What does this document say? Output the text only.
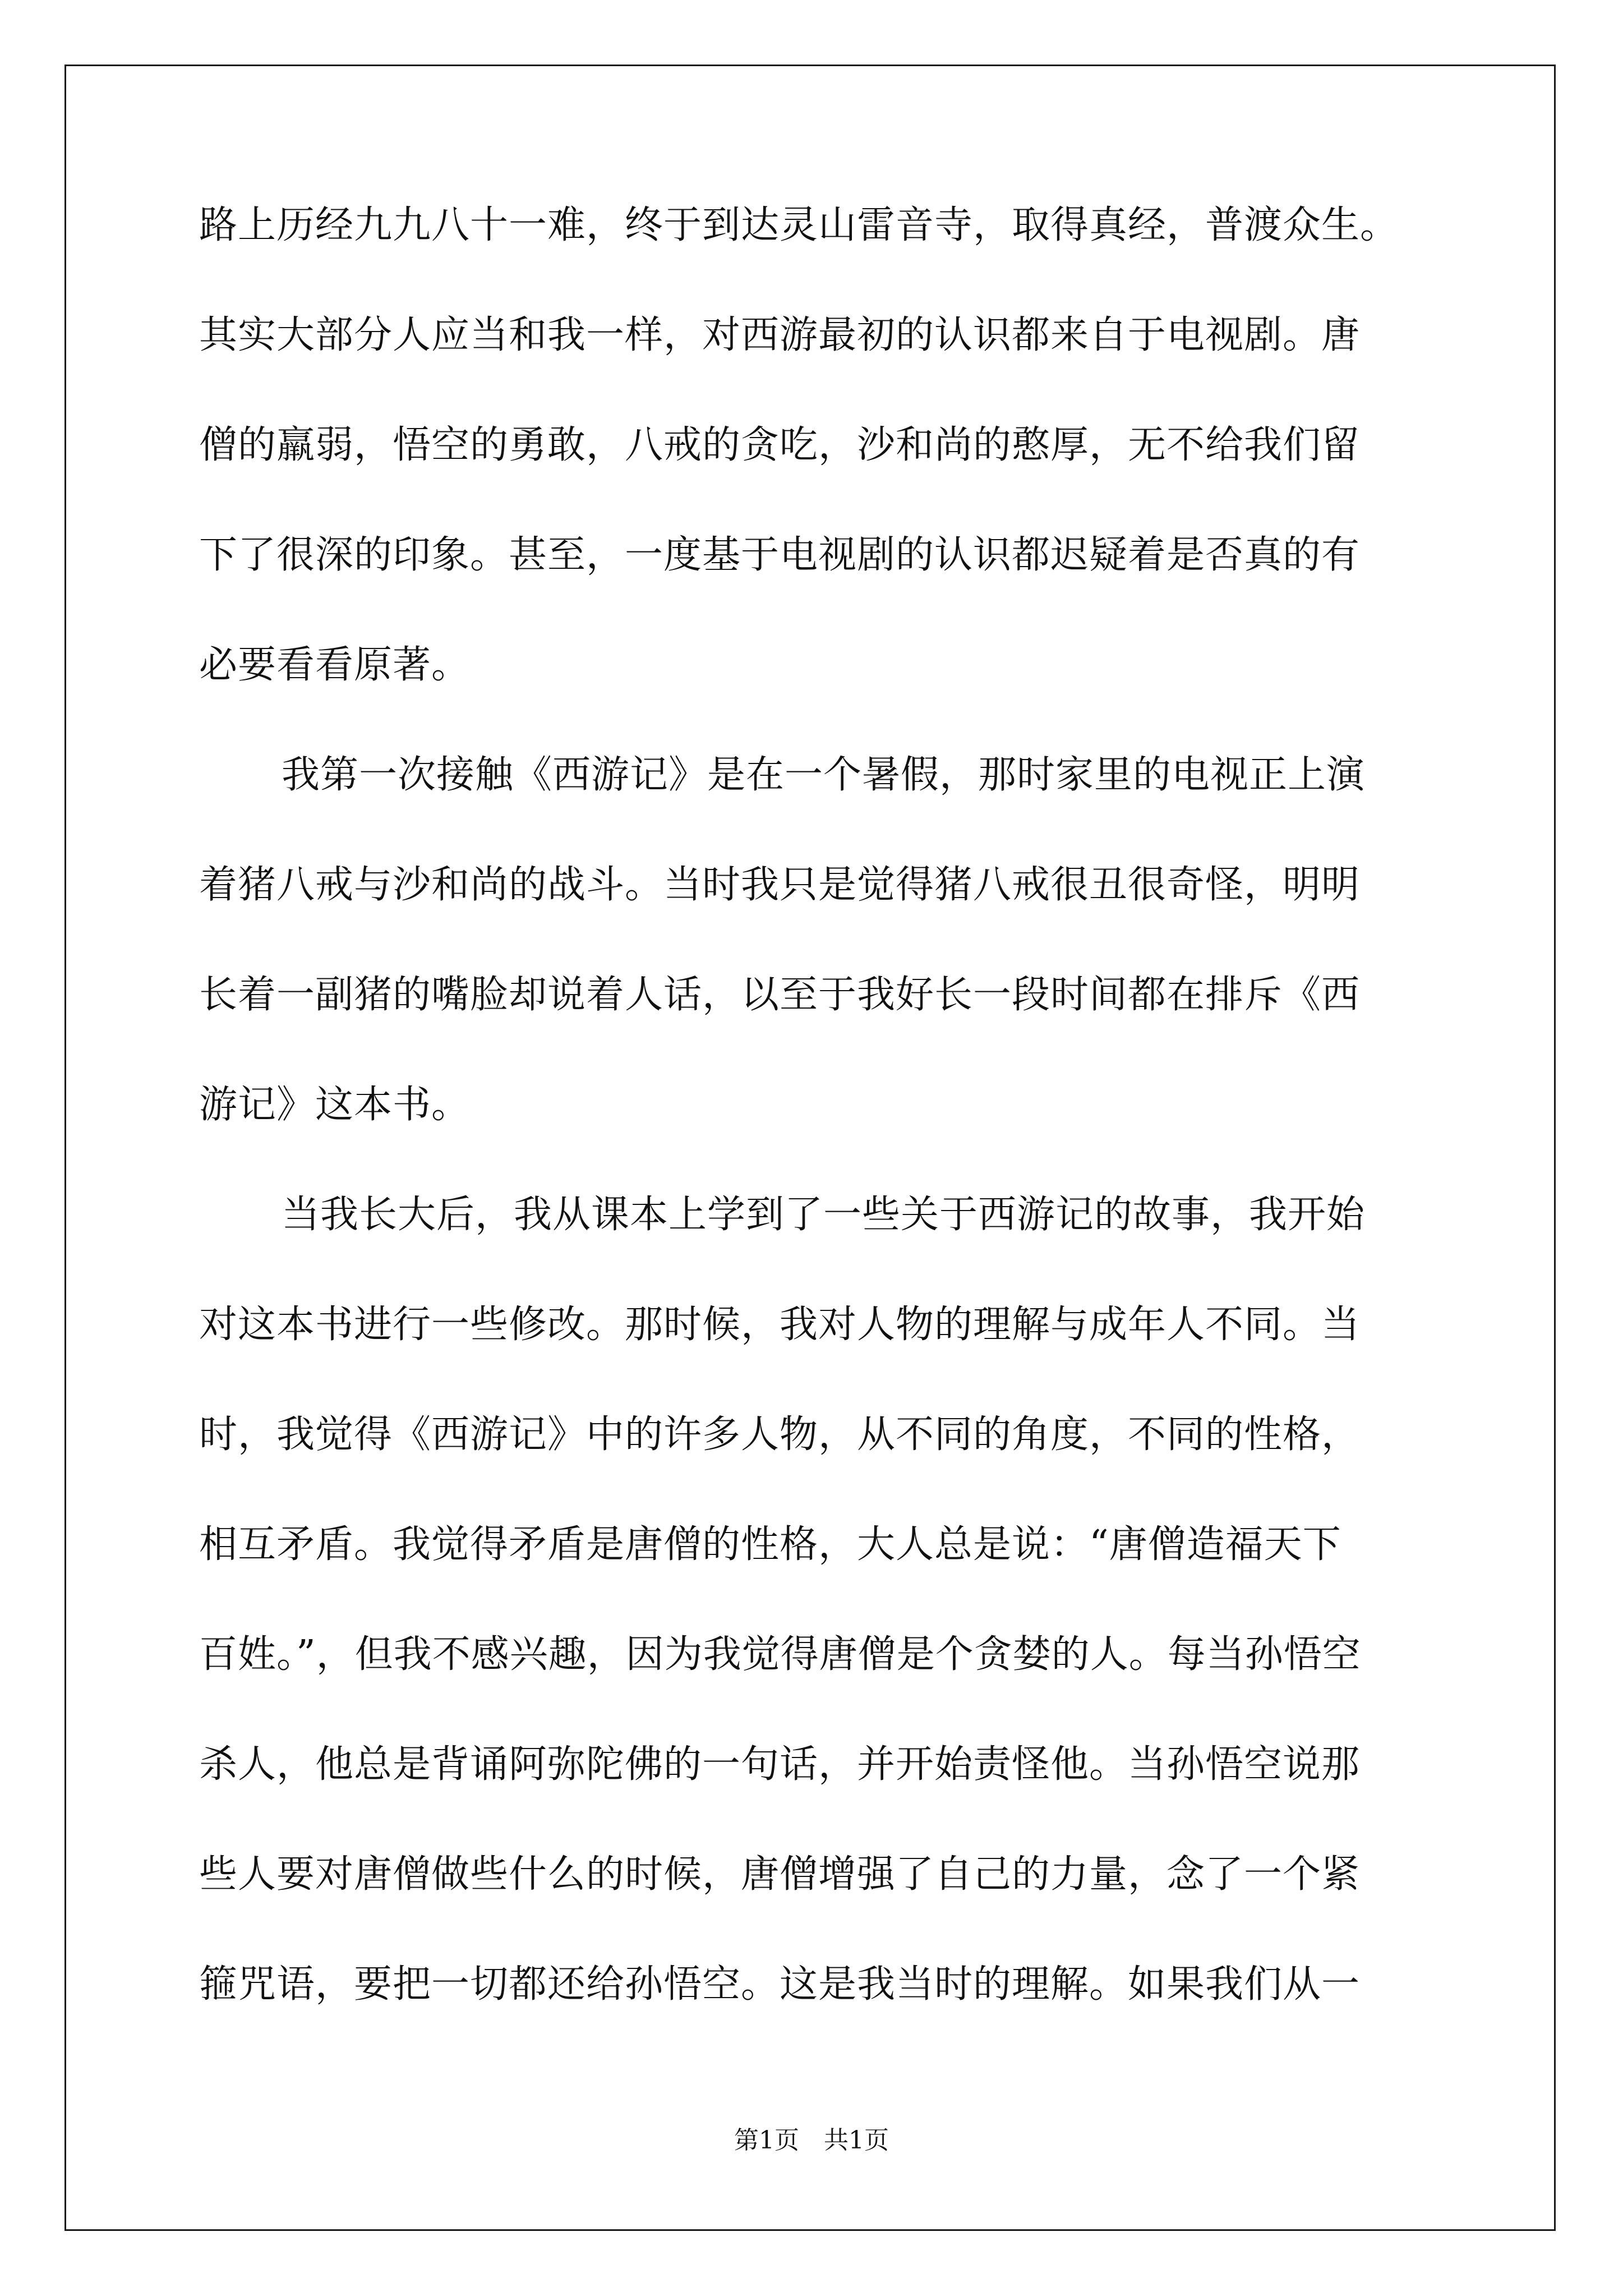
路上历经九九八十一难，终于到达灵山雷音寺，取得真经，普渡众生。
其实大部分人应当和我一样，对西游最初的认识都来自于电视剧。唐
僧的羸弱，悟空的勇敢，八戒的贪吃，沙和尚的憨厚，无不给我们留
下了很深的印象。甚至，一度基于电视剧的认识都迟疑着是否真的有
必要看看原著。
我第一次接触《西游记》是在一个暑假，那时家里的电视正上演
着猪八戒与沙和尚的战斗。当时我只是觉得猪八戒很丑很奇怪，明明
长着一副猪的嘴脸却说着人话，以至于我好长一段时间都在排斥《西
游记》这本书。
当我长大后，我从课本上学到了一些关于西游记的故事，我开始
对这本书进行一些修改。那时候，我对人物的理解与成年人不同。当
时，我觉得《西游记》中的许多人物，从不同的角度，不同的性格，
相互矛盾。我觉得矛盾是唐僧的性格，大人总是说：“唐僧造福天下
百姓。”，但我不感兴趣，因为我觉得唐僧是个贪婪的人。每当孙悟空
杀人，他总是背诵阿弥陀佛的一句话，并开始责怪他。当孙悟空说那
些人要对唐僧做些什么的时候，唐僧增强了自己的力量，念了一个紧
箍咒语，要把一切都还给孙悟空。这是我当时的理解。如果我们从一
第1页　共1页
